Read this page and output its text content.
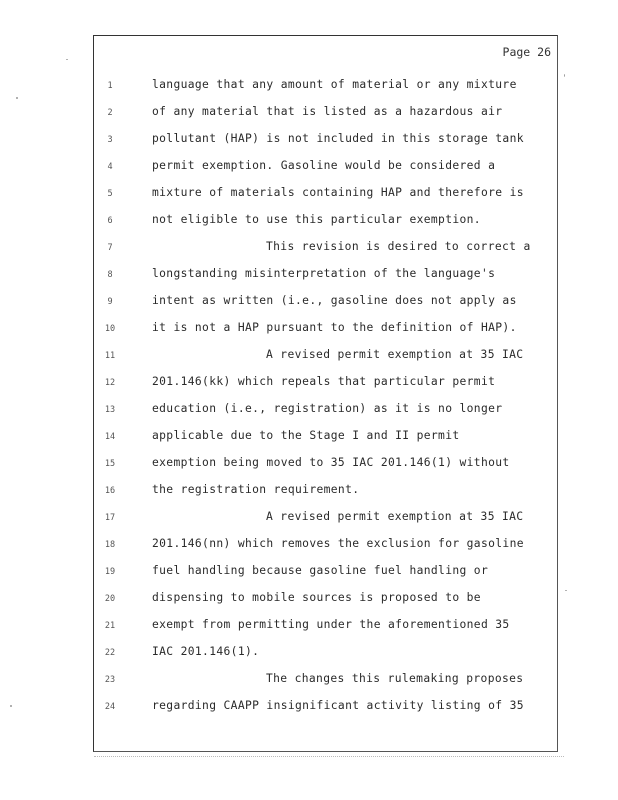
Page 26
1	language that any amount of material or any mixture
2	of any material that is listed as a hazardous air
3	pollutant (HAP) is not included in this storage tank
4	permit exemption. Gasoline would be considered a
5	mixture of materials containing HAP and therefore is
6	not eligible to use this particular exemption.
7	This revision is desired to correct a
8	longstanding misinterpretation of the language's
9	intent as written (i.e., gasoline does not apply as
10	it is not a HAP pursuant to the definition of HAP).
11	A revised permit exemption at 35 IAC
12	201.146(kk) which repeals that particular permit
13	education (i.e., registration) as it is no longer
14	applicable due to the Stage I and II permit
15	exemption being moved to 35 IAC 201.146(1) without
16	the registration requirement.
17	A revised permit exemption at 35 IAC
18	201.146(nn) which removes the exclusion for gasoline
19	fuel handling because gasoline fuel handling or
20	dispensing to mobile sources is proposed to be
21	exempt from permitting under the aforementioned 35
22	IAC 201.146(1).
23	The changes this rulemaking proposes
24	regarding CAAPP insignificant activity listing of 35
